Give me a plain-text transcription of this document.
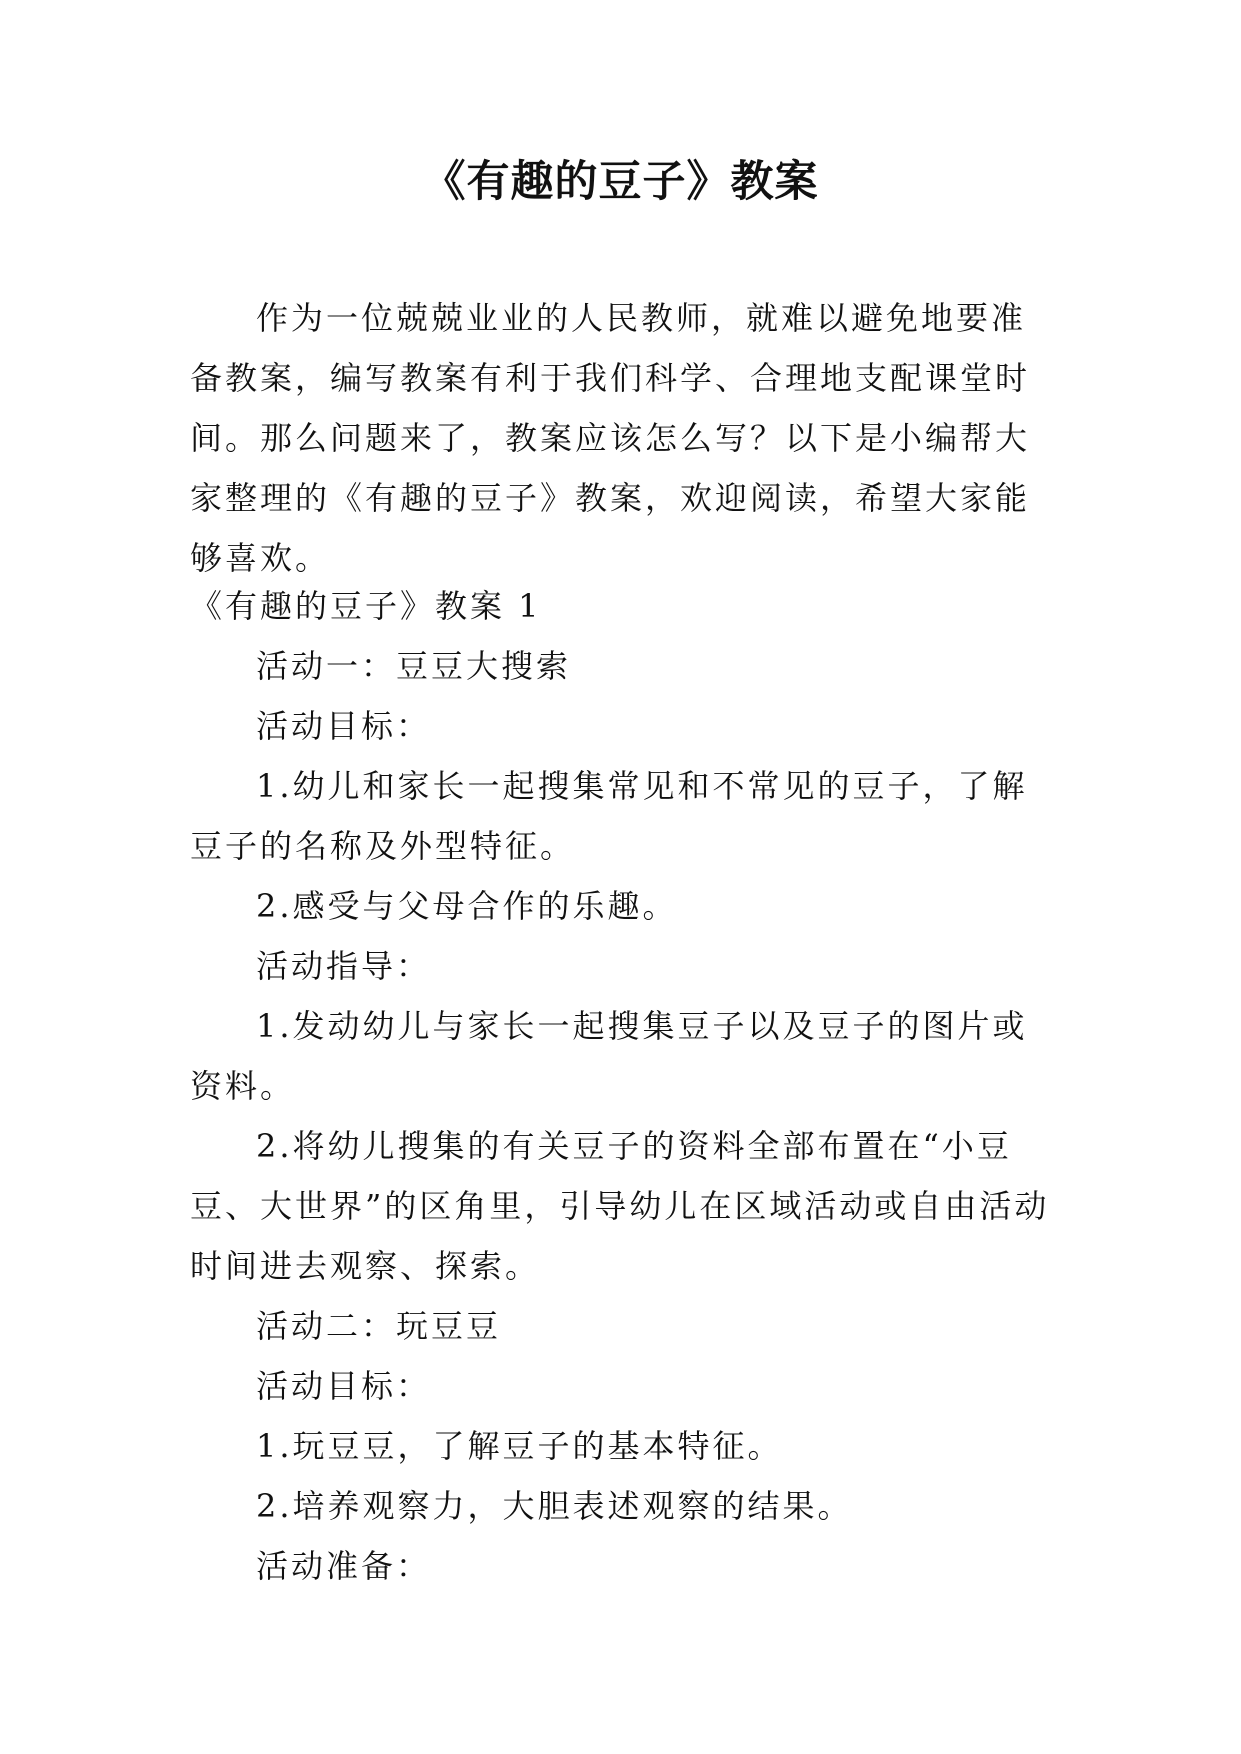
《有趣的豆子》教案

作为一位兢兢业业的人民教师，就难以避免地要准备教案，编写教案有利于我们科学、合理地支配课堂时间。那么问题来了，教案应该怎么写？以下是小编帮大家整理的《有趣的豆子》教案，欢迎阅读，希望大家能够喜欢。

《有趣的豆子》教案 1

活动一：豆豆大搜索

活动目标：

1.幼儿和家长一起搜集常见和不常见的豆子，了解豆子的名称及外型特征。

2.感受与父母合作的乐趣。

活动指导：

1.发动幼儿与家长一起搜集豆子以及豆子的图片或资料。

2.将幼儿搜集的有关豆子的资料全部布置在“小豆豆、大世界”的区角里，引导幼儿在区域活动或自由活动时间进去观察、探索。

活动二：玩豆豆

活动目标：

1.玩豆豆，了解豆子的基本特征。

2.培养观察力，大胆表述观察的结果。

活动准备：
